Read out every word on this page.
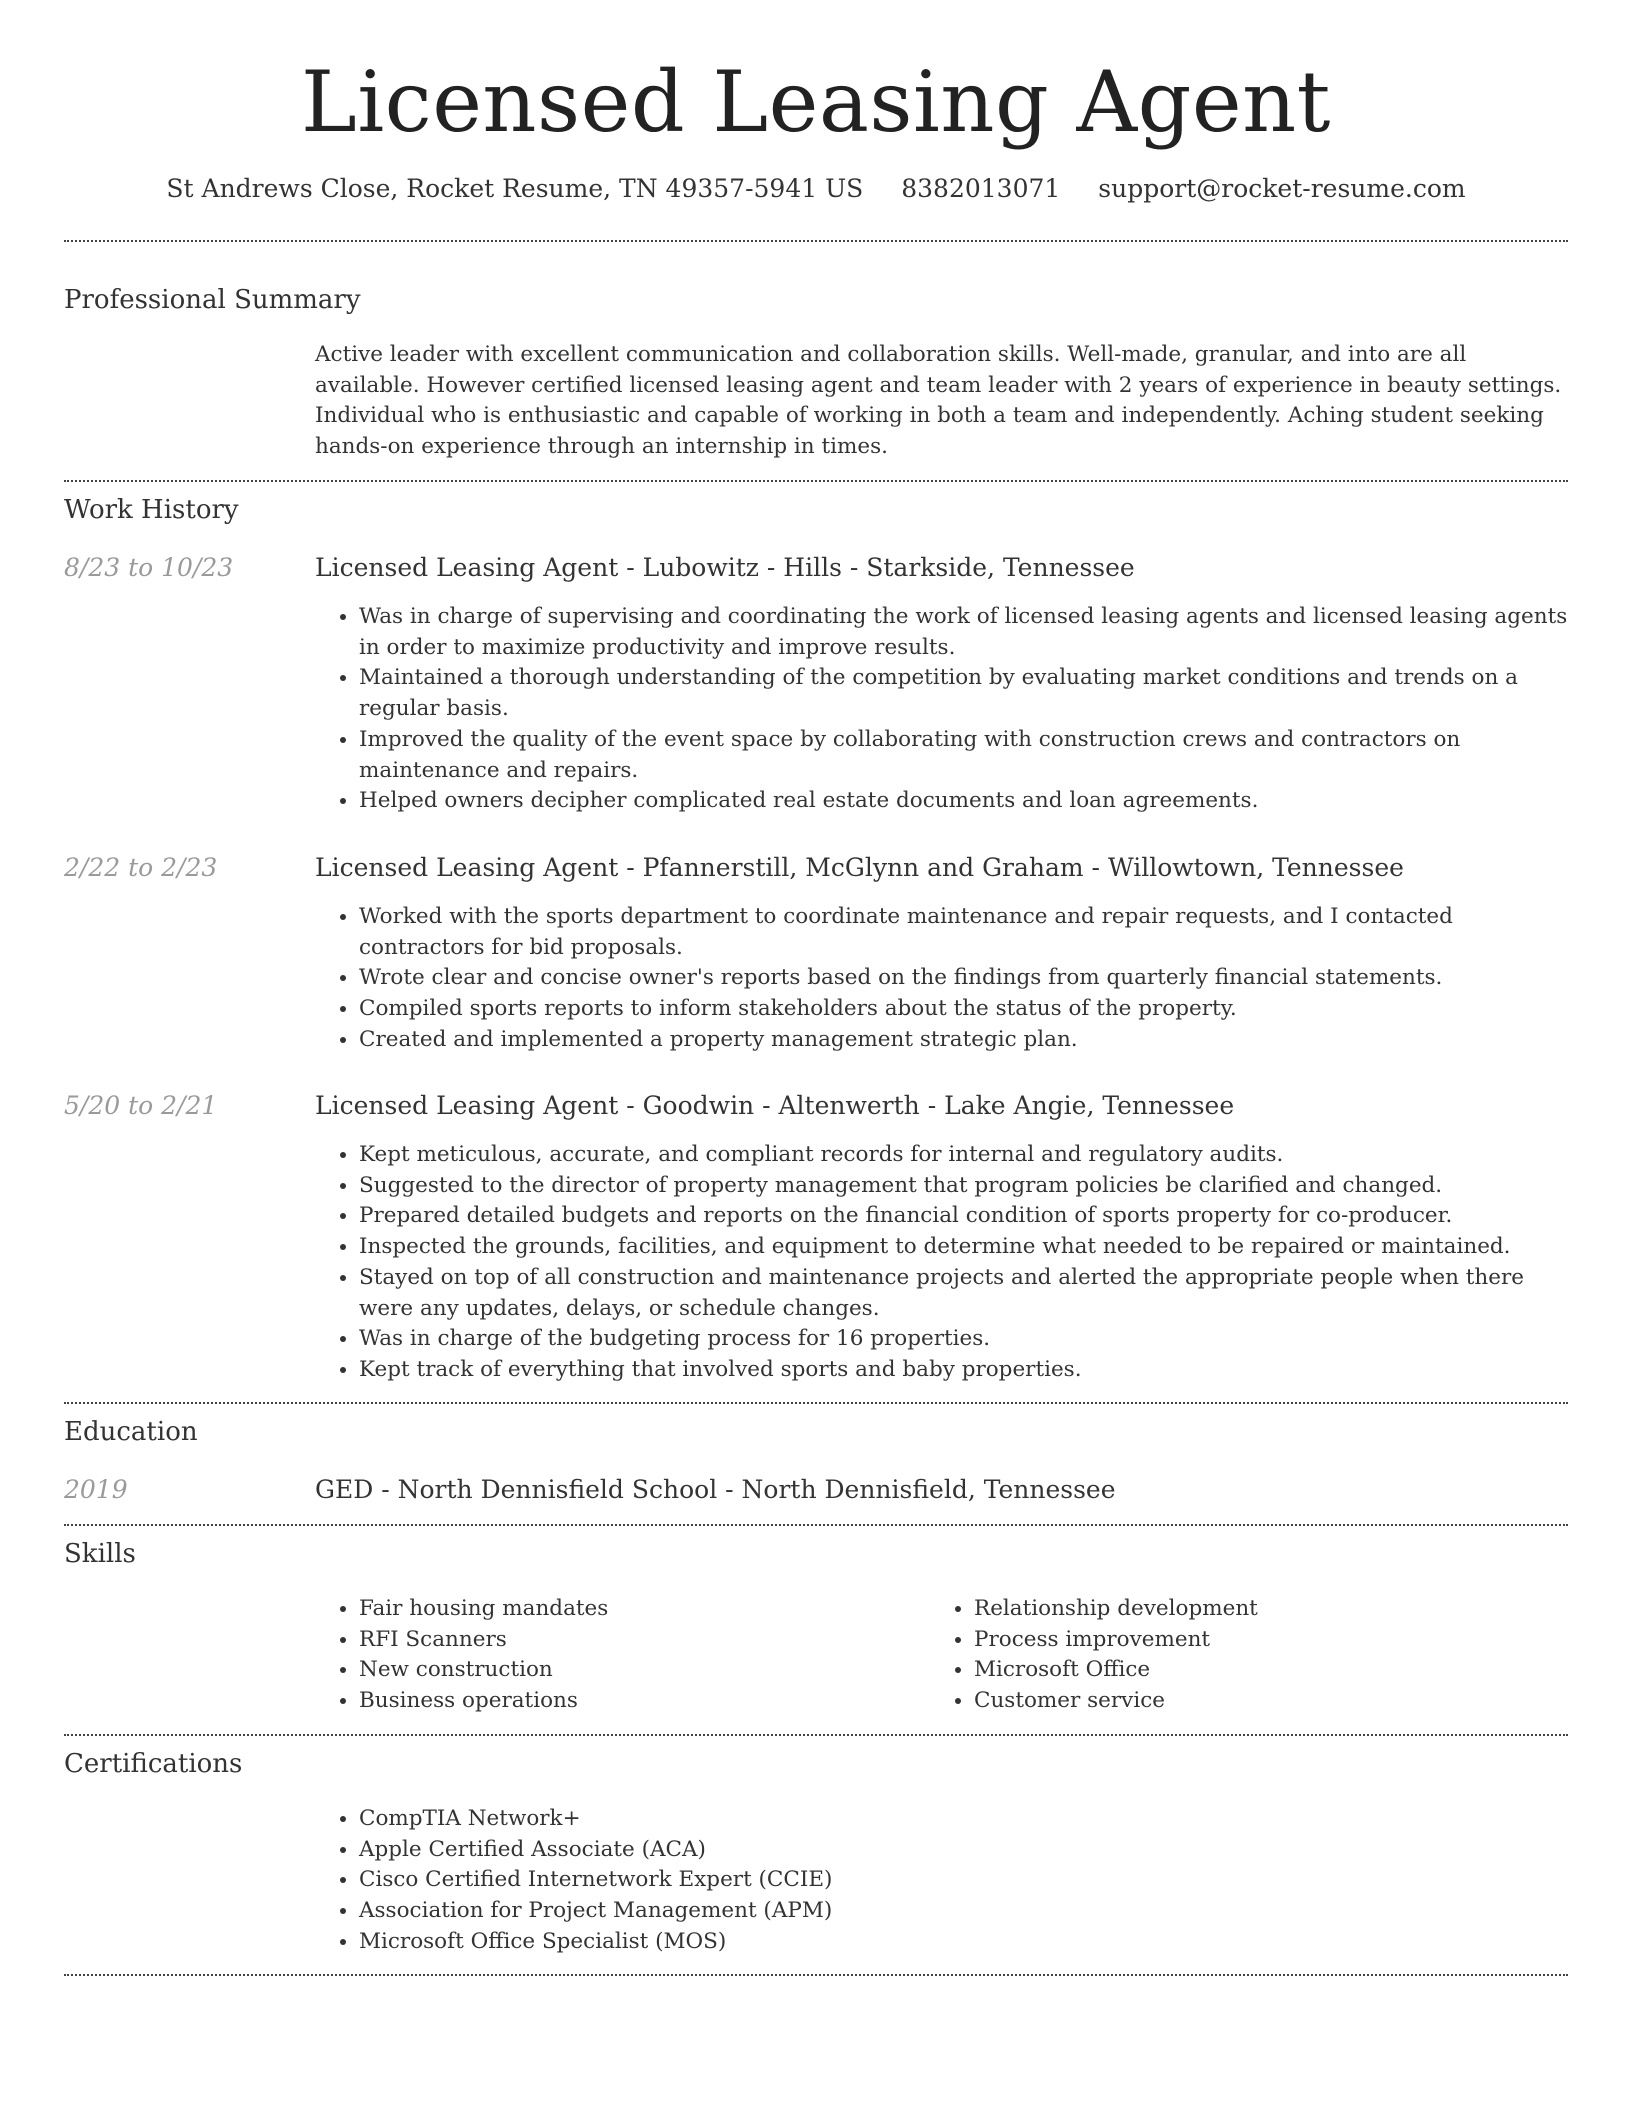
Licensed Leasing Agent
St Andrews Close, Rocket Resume, TN 49357-5941 US 8382013071 support@rocket-resume.com
Professional Summary

Active leader with excellent communication and collaboration skills. Well-made, granular, and into are all available. However certified licensed leasing agent and team leader with 2 years of experience in beauty settings. Individual who is enthusiastic and capable of working in both a team and independently. Aching student seeking hands-on experience through an internship in times.

Work History
8/23 to 10/23	Licensed Leasing Agent - Lubowitz - Hills - Starkside, Tennessee
• Was in charge of supervising and coordinating the work of licensed leasing agents and licensed leasing agents in order to maximize productivity and improve results.
• Maintained a thorough understanding of the competition by evaluating market conditions and trends on a regular basis.
• Improved the quality of the event space by collaborating with construction crews and contractors on maintenance and repairs.
• Helped owners decipher complicated real estate documents and loan agreements.
2/22 to 2/23	Licensed Leasing Agent - Pfannerstill, McGlynn and Graham - Willowtown, Tennessee
• Worked with the sports department to coordinate maintenance and repair requests, and I contacted contractors for bid proposals.
• Wrote clear and concise owner's reports based on the findings from quarterly financial statements.
• Compiled sports reports to inform stakeholders about the status of the property.
• Created and implemented a property management strategic plan.
5/20 to 2/21	Licensed Leasing Agent - Goodwin - Altenwerth - Lake Angie, Tennessee
• Kept meticulous, accurate, and compliant records for internal and regulatory audits.
• Suggested to the director of property management that program policies be clarified and changed.
• Prepared detailed budgets and reports on the financial condition of sports property for co-producer.
• Inspected the grounds, facilities, and equipment to determine what needed to be repaired or maintained.
• Stayed on top of all construction and maintenance projects and alerted the appropriate people when there were any updates, delays, or schedule changes.
• Was in charge of the budgeting process for 16 properties.
• Kept track of everything that involved sports and baby properties.
Education
2019	GED - North Dennisfield School - North Dennisfield, Tennessee
Skills
• Fair housing mandates
• RFI Scanners
• New construction
• Business operations
• Relationship development
• Process improvement
• Microsoft Office
• Customer service
Certifications
• CompTIA Network+
• Apple Certified Associate (ACA)
• Cisco Certified Internetwork Expert (CCIE)
• Association for Project Management (APM)
• Microsoft Office Specialist (MOS)
